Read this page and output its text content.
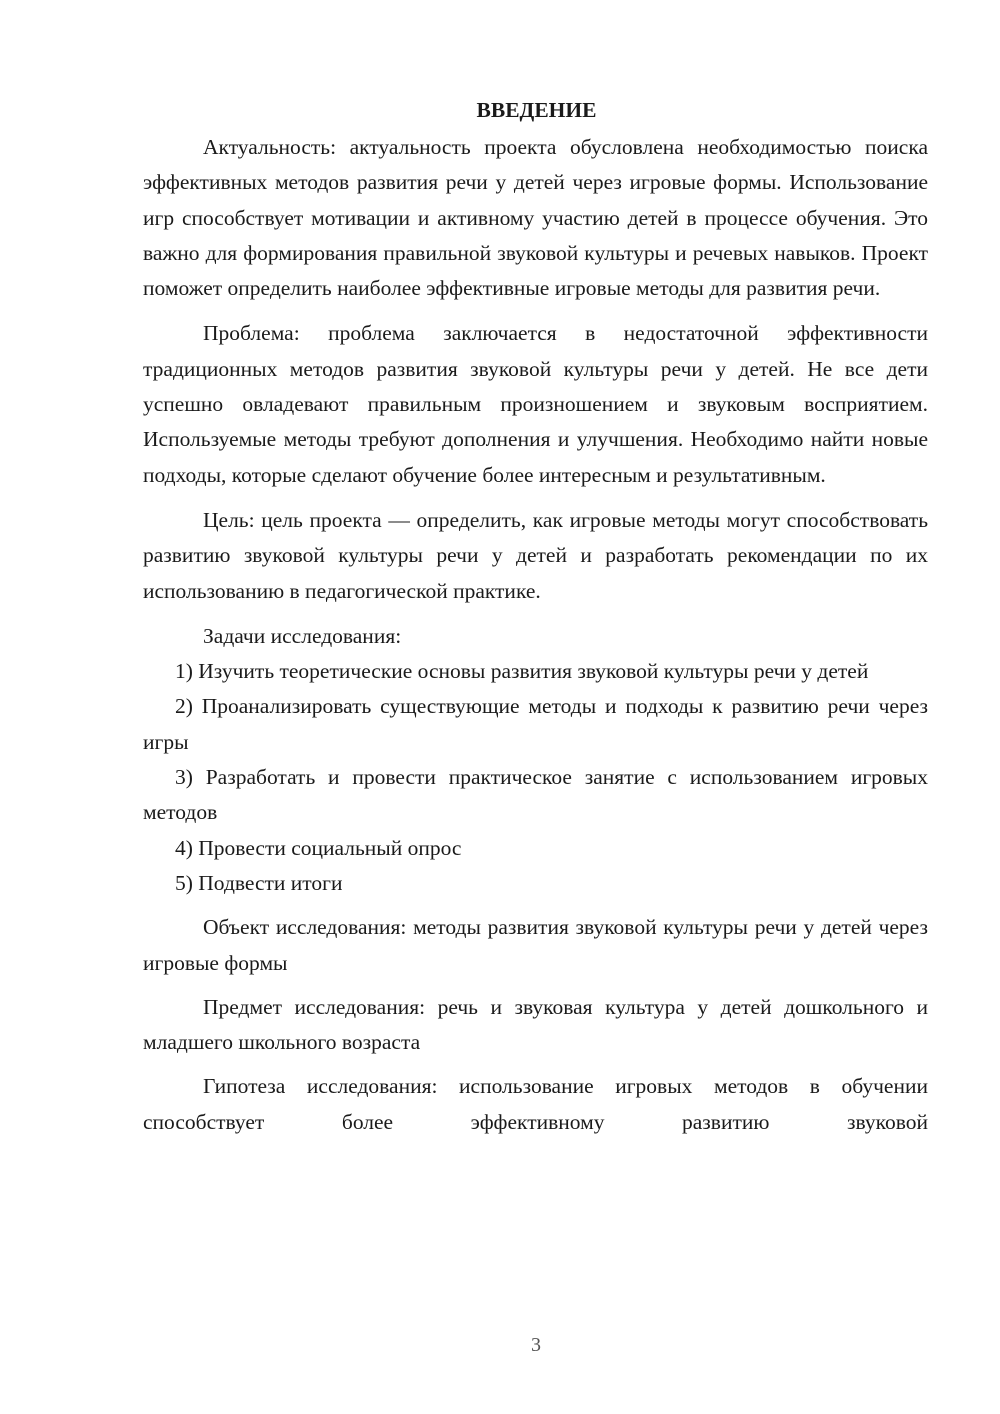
ВВЕДЕНИЕ

Актуальность: актуальность проекта обусловлена необходимостью поиска эффективных методов развития речи у детей через игровые формы. Использование игр способствует мотивации и активному участию детей в процессе обучения. Это важно для формирования правильной звуковой культуры и речевых навыков. Проект поможет определить наиболее эффективные игровые методы для развития речи.

Проблема: проблема заключается в недостаточной эффективности традиционных методов развития звуковой культуры речи у детей. Не все дети успешно овладевают правильным произношением и звуковым восприятием. Используемые методы требуют дополнения и улучшения. Необходимо найти новые подходы, которые сделают обучение более интересным и результативным.

Цель: цель проекта — определить, как игровые методы могут способствовать развитию звуковой культуры речи у детей и разработать рекомендации по их использованию в педагогической практике.

Задачи исследования:

1) Изучить теоретические основы развития звуковой культуры речи у детей

2) Проанализировать существующие методы и подходы к развитию речи через игры

3) Разработать и провести практическое занятие с использованием игровых методов

4) Провести социальный опрос

5) Подвести итоги

Объект исследования: методы развития звуковой культуры речи у детей через игровые формы

Предмет исследования: речь и звуковая культура у детей дошкольного и младшего школьного возраста

Гипотеза исследования: использование игровых методов в обучении способствует более эффективному развитию звуковой

3
